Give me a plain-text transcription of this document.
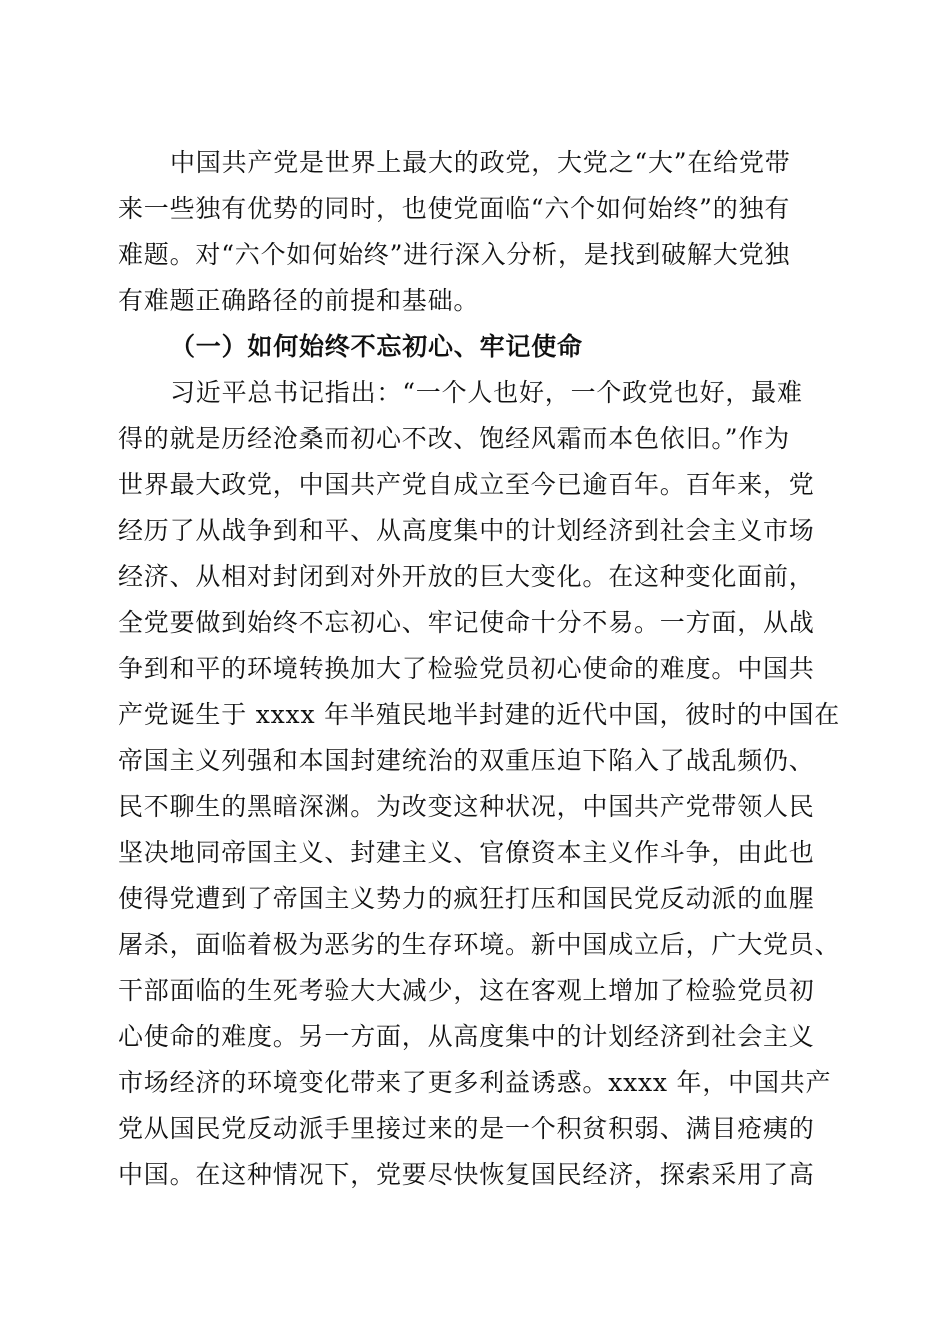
中国共产党是世界上最大的政党，大党之“大”在给党带
来一些独有优势的同时，也使党面临“六个如何始终”的独有
难题。对“六个如何始终”进行深入分析，是找到破解大党独
有难题正确路径的前提和基础。
（一）如何始终不忘初心、牢记使命
习近平总书记指出：“一个人也好，一个政党也好，最难
得的就是历经沧桑而初心不改、饱经风霜而本色依旧。”作为
世界最大政党，中国共产党自成立至今已逾百年。百年来，党
经历了从战争到和平、从高度集中的计划经济到社会主义市场
经济、从相对封闭到对外开放的巨大变化。在这种变化面前，
全党要做到始终不忘初心、牢记使命十分不易。一方面，从战
争到和平的环境转换加大了检验党员初心使命的难度。中国共
产党诞生于 xxxx 年半殖民地半封建的近代中国，彼时的中国在
帝国主义列强和本国封建统治的双重压迫下陷入了战乱频仍、
民不聊生的黑暗深渊。为改变这种状况，中国共产党带领人民
坚决地同帝国主义、封建主义、官僚资本主义作斗争，由此也
使得党遭到了帝国主义势力的疯狂打压和国民党反动派的血腥
屠杀，面临着极为恶劣的生存环境。新中国成立后，广大党员、
干部面临的生死考验大大减少，这在客观上增加了检验党员初
心使命的难度。另一方面，从高度集中的计划经济到社会主义
市场经济的环境变化带来了更多利益诱惑。xxxx 年，中国共产
党从国民党反动派手里接过来的是一个积贫积弱、满目疮痍的
中国。在这种情况下，党要尽快恢复国民经济，探索采用了高
